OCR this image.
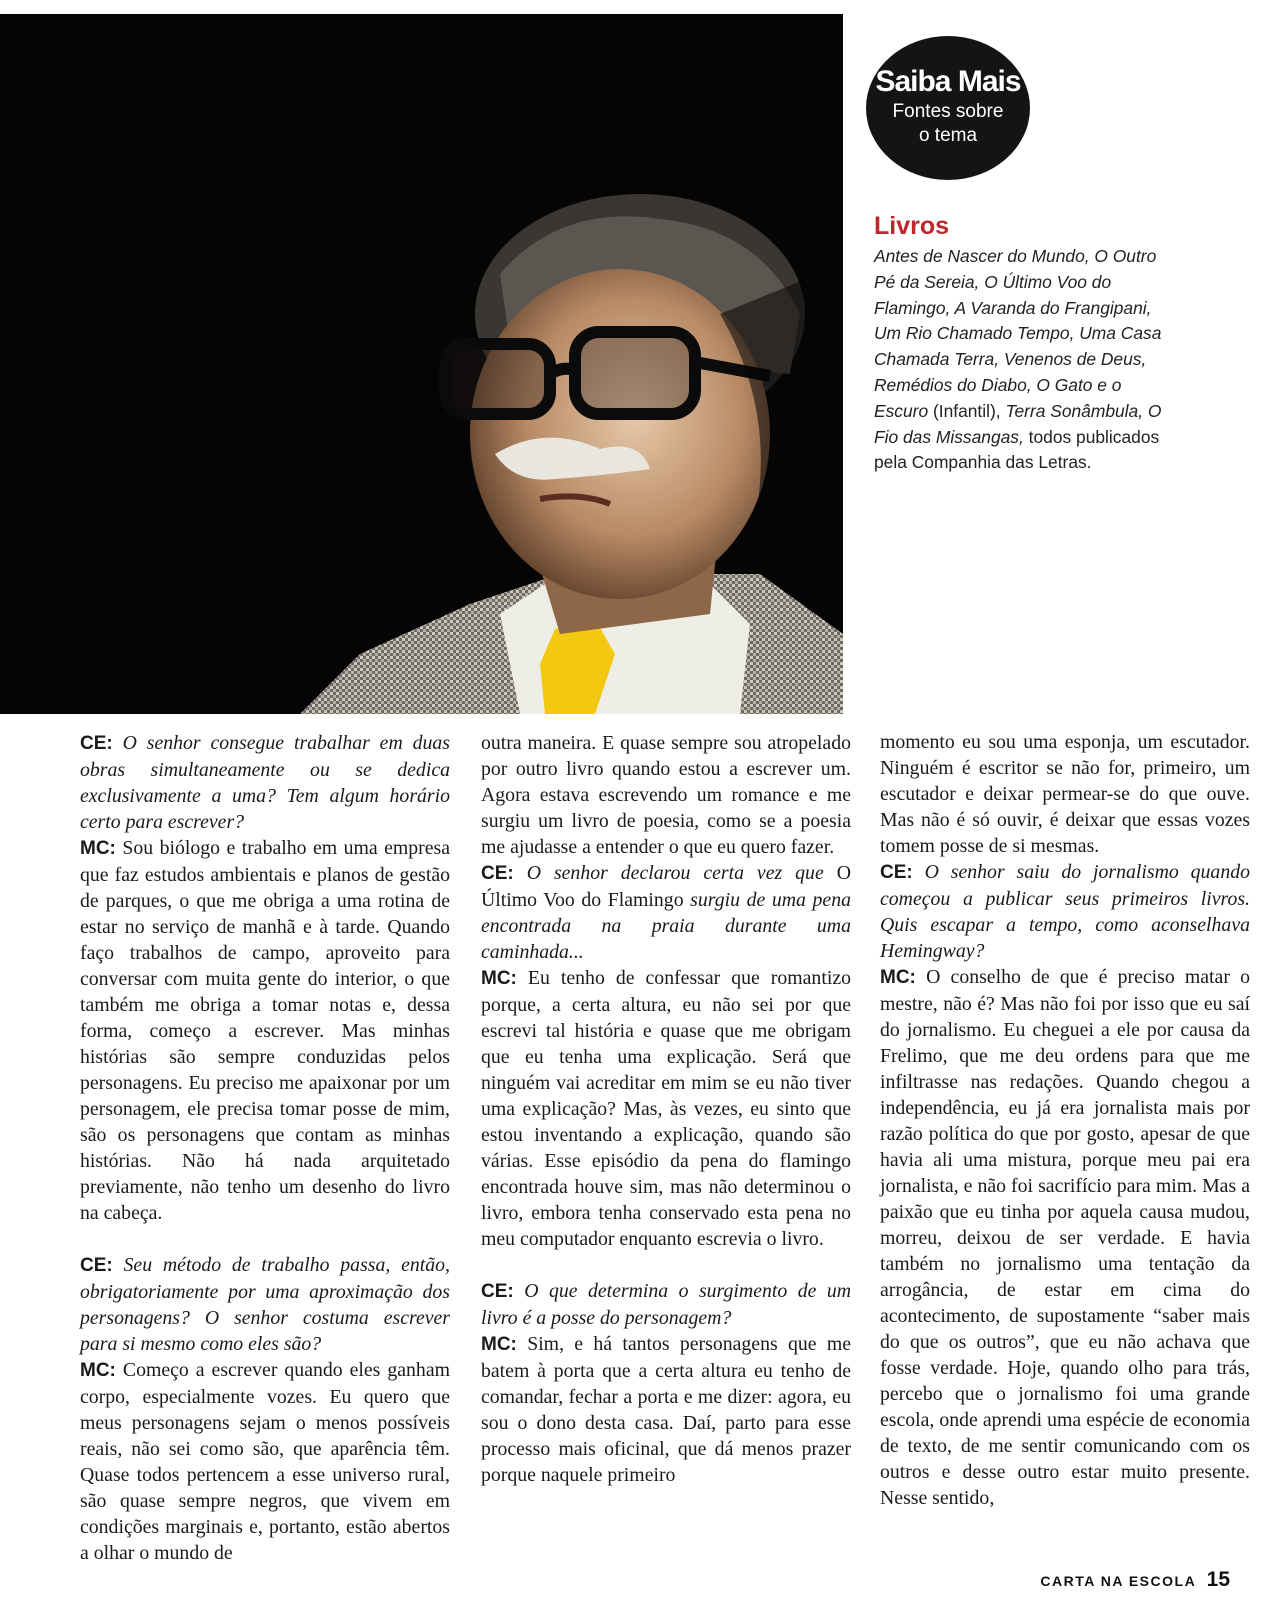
Saiba Mais
Fontes sobre o tema
Livros
Antes de Nascer do Mundo, O Outro Pé da Sereia, O Último Voo do Flamingo, A Varanda do Frangipani, Um Rio Chamado Tempo, Uma Casa Chamada Terra, Venenos de Deus, Remédios do Diabo, O Gato e o Escuro (Infantil), Terra Sonâmbula, O Fio das Missangas, todos publicados pela Companhia das Letras.

CE: O senhor consegue trabalhar em duas obras simultaneamente ou se dedica exclusivamente a uma? Tem algum horário certo para escrever?
MC: Sou biólogo e trabalho em uma empresa que faz estudos ambientais e planos de gestão de parques, o que me obriga a uma rotina de estar no serviço de manhã e à tarde. Quando faço trabalhos de campo, aproveito para conversar com muita gente do interior, o que também me obriga a tomar notas e, dessa forma, começo a escrever. Mas minhas histórias são sempre conduzidas pelos personagens. Eu preciso me apaixonar por um personagem, ele precisa tomar posse de mim, são os personagens que contam as minhas histórias. Não há nada arquitetado previamente, não tenho um desenho do livro na cabeça.

CE: Seu método de trabalho passa, então, obrigatoriamente por uma aproximação dos personagens? O senhor costuma escrever para si mesmo como eles são?
MC: Começo a escrever quando eles ganham corpo, especialmente vozes. Eu quero que meus personagens sejam o menos possíveis reais, não sei como são, que aparência têm. Quase todos pertencem a esse universo rural, são quase sempre negros, que vivem em condições marginais e, portanto, estão abertos a olhar o mundo de

outra maneira. E quase sempre sou atropelado por outro livro quando estou a escrever um. Agora estava escrevendo um romance e me surgiu um livro de poesia, como se a poesia me ajudasse a entender o que eu quero fazer.

CE: O senhor declarou certa vez que O Último Voo do Flamingo surgiu de uma pena encontrada na praia durante uma caminhada...
MC: Eu tenho de confessar que romantizo porque, a certa altura, eu não sei por que escrevi tal história e quase que me obrigam que eu tenha uma explicação. Será que ninguém vai acreditar em mim se eu não tiver uma explicação? Mas, às vezes, eu sinto que estou inventando a explicação, quando são várias. Esse episódio da pena do flamingo encontrada houve sim, mas não determinou o livro, embora tenha conservado esta pena no meu computador enquanto escrevia o livro.

CE: O que determina o surgimento de um livro é a posse do personagem?
MC: Sim, e há tantos personagens que me batem à porta que a certa altura eu tenho de comandar, fechar a porta e me dizer: agora, eu sou o dono desta casa. Daí, parto para esse processo mais oficinal, que dá menos prazer porque naquele primeiro

momento eu sou uma esponja, um escutador. Ninguém é escritor se não for, primeiro, um escutador e deixar permear-se do que ouve. Mas não é só ouvir, é deixar que essas vozes tomem posse de si mesmas.

CE: O senhor saiu do jornalismo quando começou a publicar seus primeiros livros. Quis escapar a tempo, como aconselhava Hemingway?
MC: O conselho de que é preciso matar o mestre, não é? Mas não foi por isso que eu saí do jornalismo. Eu cheguei a ele por causa da Frelimo, que me deu ordens para que me infiltrasse nas redações. Quando chegou a independência, eu já era jornalista mais por razão política do que por gosto, apesar de que havia ali uma mistura, porque meu pai era jornalista, e não foi sacrifício para mim. Mas a paixão que eu tinha por aquela causa mudou, morreu, deixou de ser verdade. E havia também no jornalismo uma tentação da arrogância, de estar em cima do acontecimento, de supostamente “saber mais do que os outros”, que eu não achava que fosse verdade. Hoje, quando olho para trás, percebo que o jornalismo foi uma grande escola, onde aprendi uma espécie de economia de texto, de me sentir comunicando com os outros e desse outro estar muito presente. Nesse sentido,

CARTA NA ESCOLA 15
